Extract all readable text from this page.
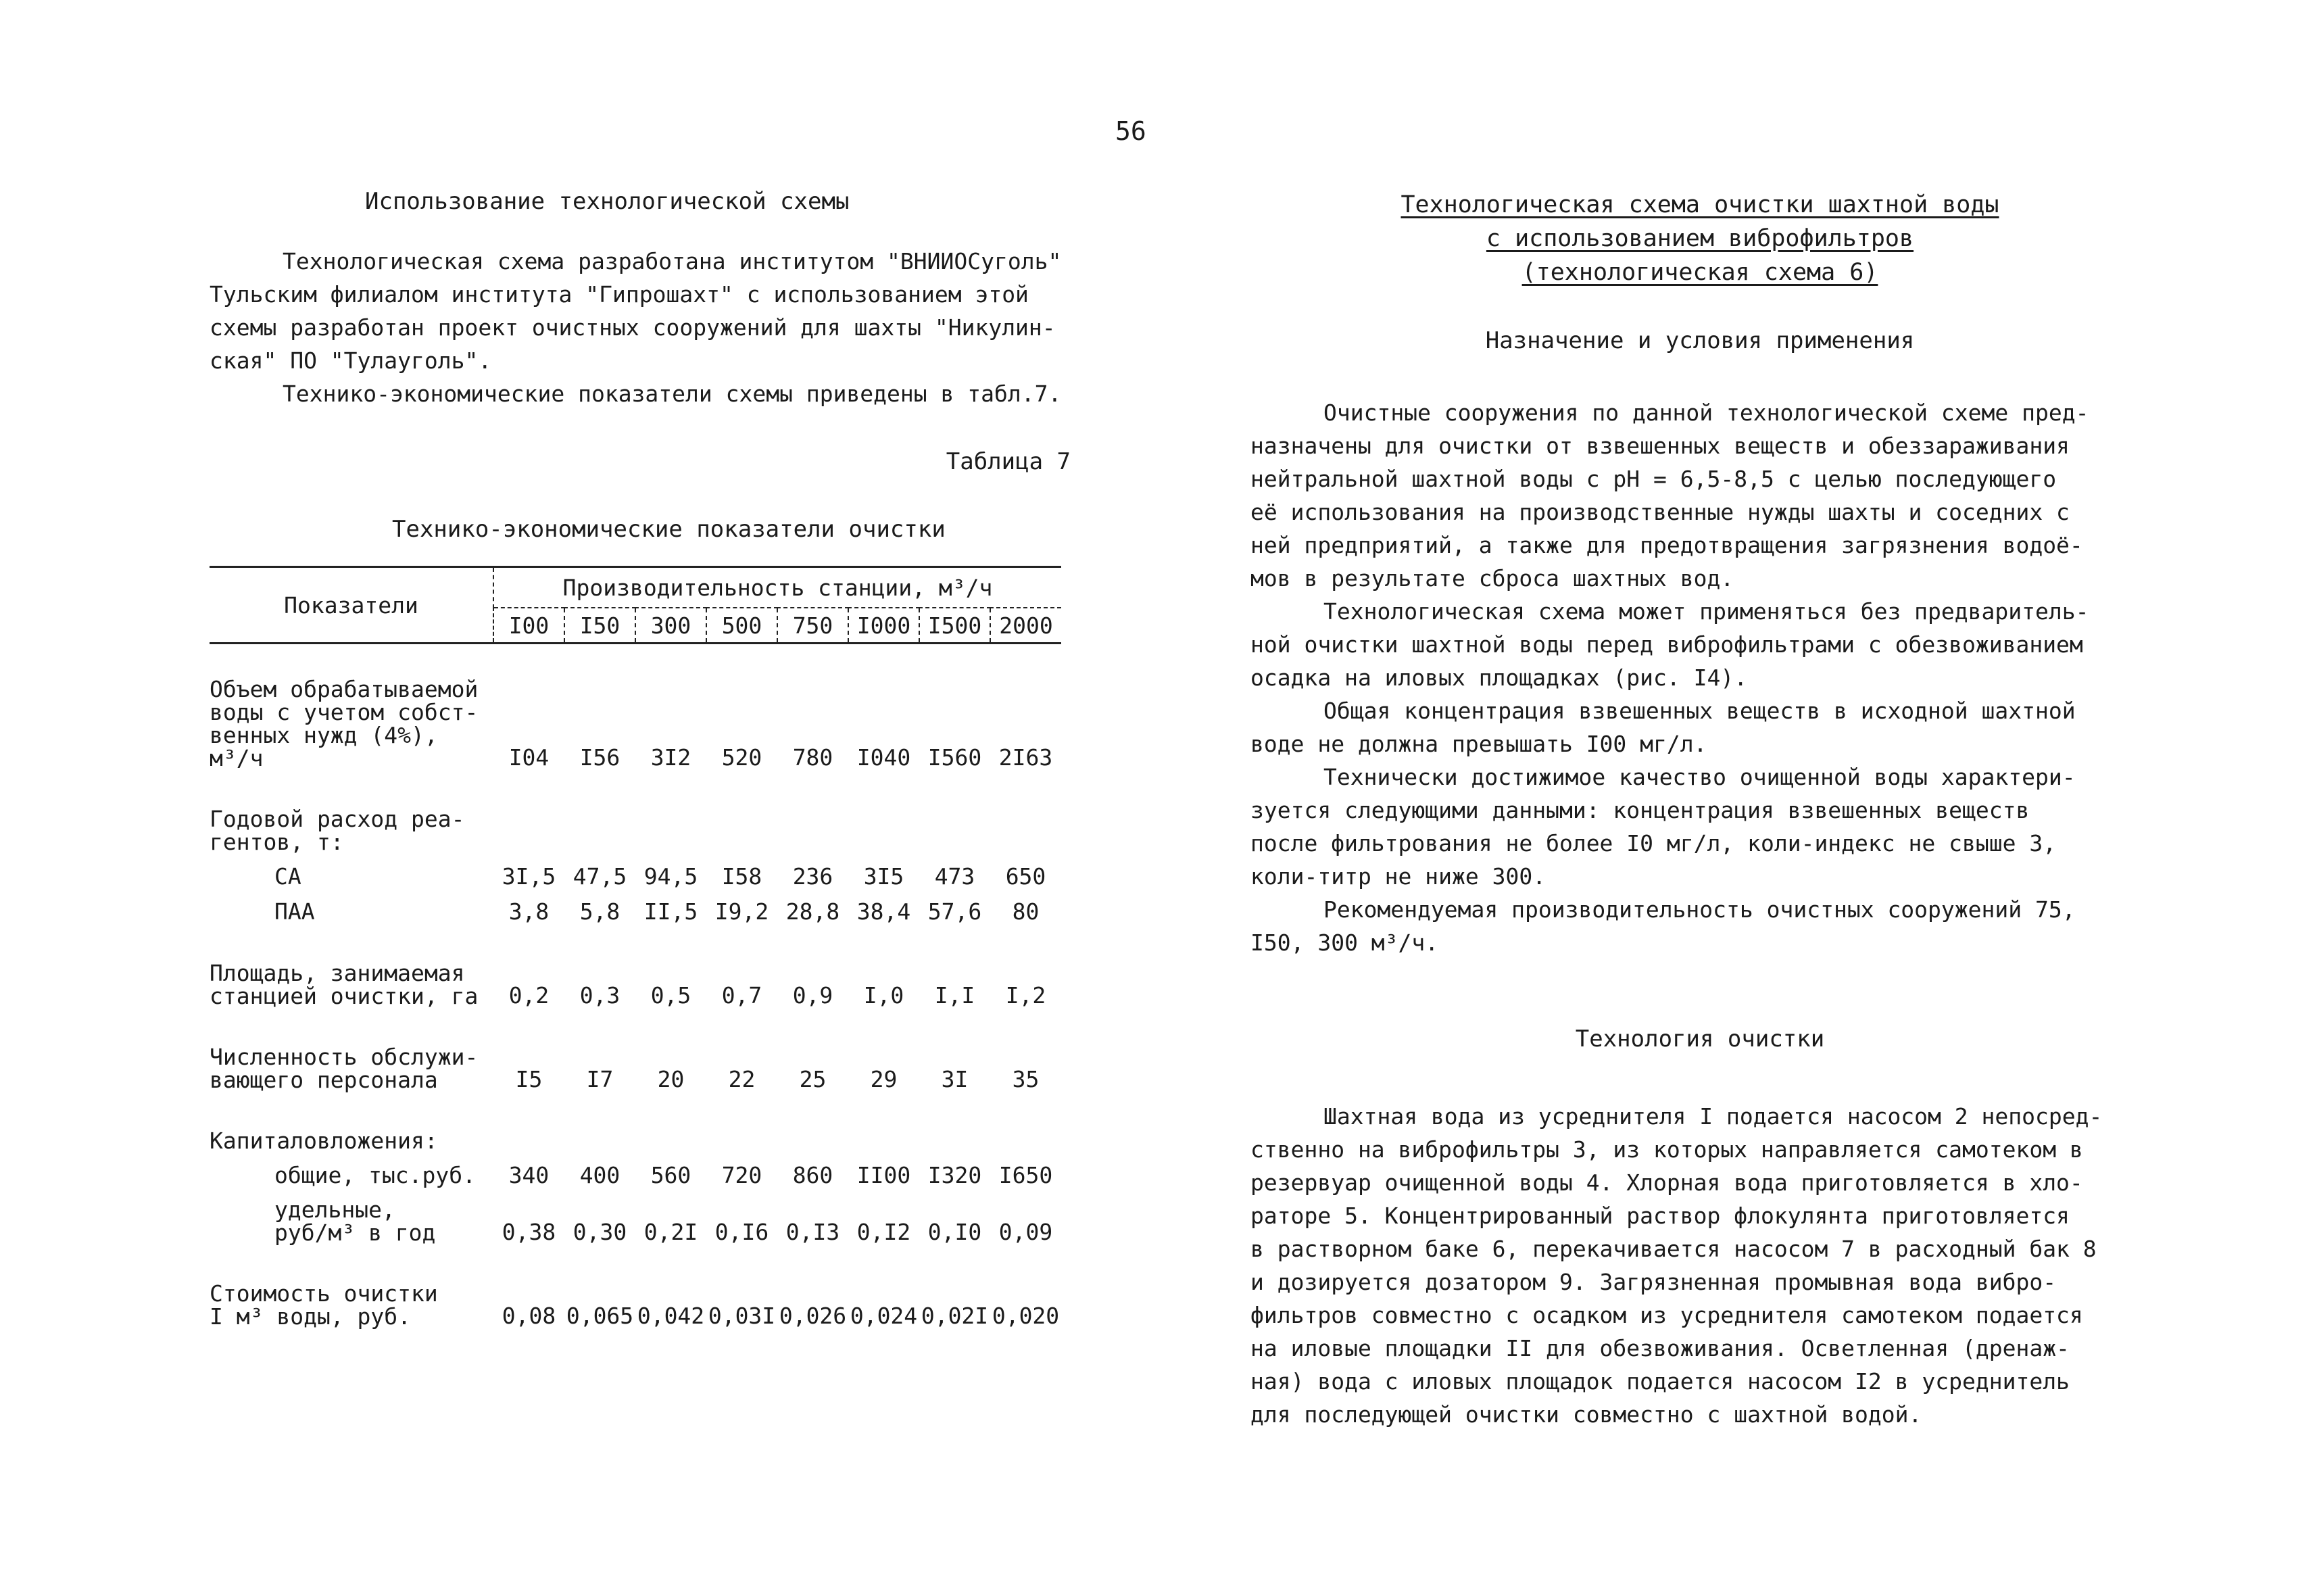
56
Использование технологической схемы
Технологическая схема разработана институтом "ВНИИОСуголь"
Тульским филиалом института "Гипрошахт" с использованием этой
схемы разработан проект очистных сооружений для шахты "Никулин-
ская" ПО "Тулауголь".
Технико-экономические показатели схемы приведены в табл.7.
Таблица 7
Технико-экономические показатели очистки
Показатели	Производительность станции, м³/ч							
	I00	I50	300	500	750	I000	I500	2000

Объем обрабатываемой
воды с учетом собст-
венных нужд (4%),
м³/ч	I04	I56	3I2	520	780	I040	I560	2I63

Годовой расход реа-
гентов, т:								

СА	3I,5	47,5	94,5	I58	236	3I5	473	650
ПАА	3,8	5,8	II,5	I9,2	28,8	38,4	57,6	80

Площадь, занимаемая
станцией очистки, га	0,2	0,3	0,5	0,7	0,9	I,0	I,I	I,2

Численность обслужи-
вающего персонала	I5	I7	20	22	25	29	3I	35

Капиталовложения:								
общие, тыс.руб.	340	400	560	720	860	II00	I320	I650

удельные,
руб/м³ в год	0,38	0,30	0,2I	0,I6	0,I3	0,I2	0,I0	0,09

Стоимость очистки
I м³ воды, руб.	0,08	0,065	0,042	0,03I	0,026	0,024	0,02I	0,020
Технологическая схема очистки шахтной воды
с использованием виброфильтров
(технологическая схема 6)
Назначение и условия применения
Очистные сооружения по данной технологической схеме пред-
назначены для очистки от взвешенных веществ и обеззараживания
нейтральной шахтной воды с pH = 6,5-8,5 с целью последующего
её использования на производственные нужды шахты и соседних с
ней предприятий, а также для предотвращения загрязнения водоё-
мов в результате сброса шахтных вод.
Технологическая схема может применяться без предваритель-
ной очистки шахтной воды перед виброфильтрами с обезвоживанием
осадка на иловых площадках (рис. I4).
Общая концентрация взвешенных веществ в исходной шахтной
воде не должна превышать I00 мг/л.
Технически достижимое качество очищенной воды характери-
зуется следующими данными: концентрация взвешенных веществ
после фильтрования не более I0 мг/л, коли-индекс не свыше 3,
коли-титр не ниже 300.
Рекомендуемая производительность очистных сооружений 75,
I50, 300 м³/ч.
Технология очистки
Шахтная вода из усреднителя I подается насосом 2 непосред-
ственно на виброфильтры 3, из которых направляется самотеком в
резервуар очищенной воды 4. Хлорная вода приготовляется в хло-
раторе 5. Концентрированный раствор флокулянта приготовляется
в растворном баке 6, перекачивается насосом 7 в расходный бак 8
и дозируется дозатором 9. Загрязненная промывная вода вибро-
фильтров совместно с осадком из усреднителя самотеком подается
на иловые площадки II для обезвоживания. Осветленная (дренаж-
ная) вода с иловых площадок подается насосом I2 в усреднитель
для последующей очистки совместно с шахтной водой.
